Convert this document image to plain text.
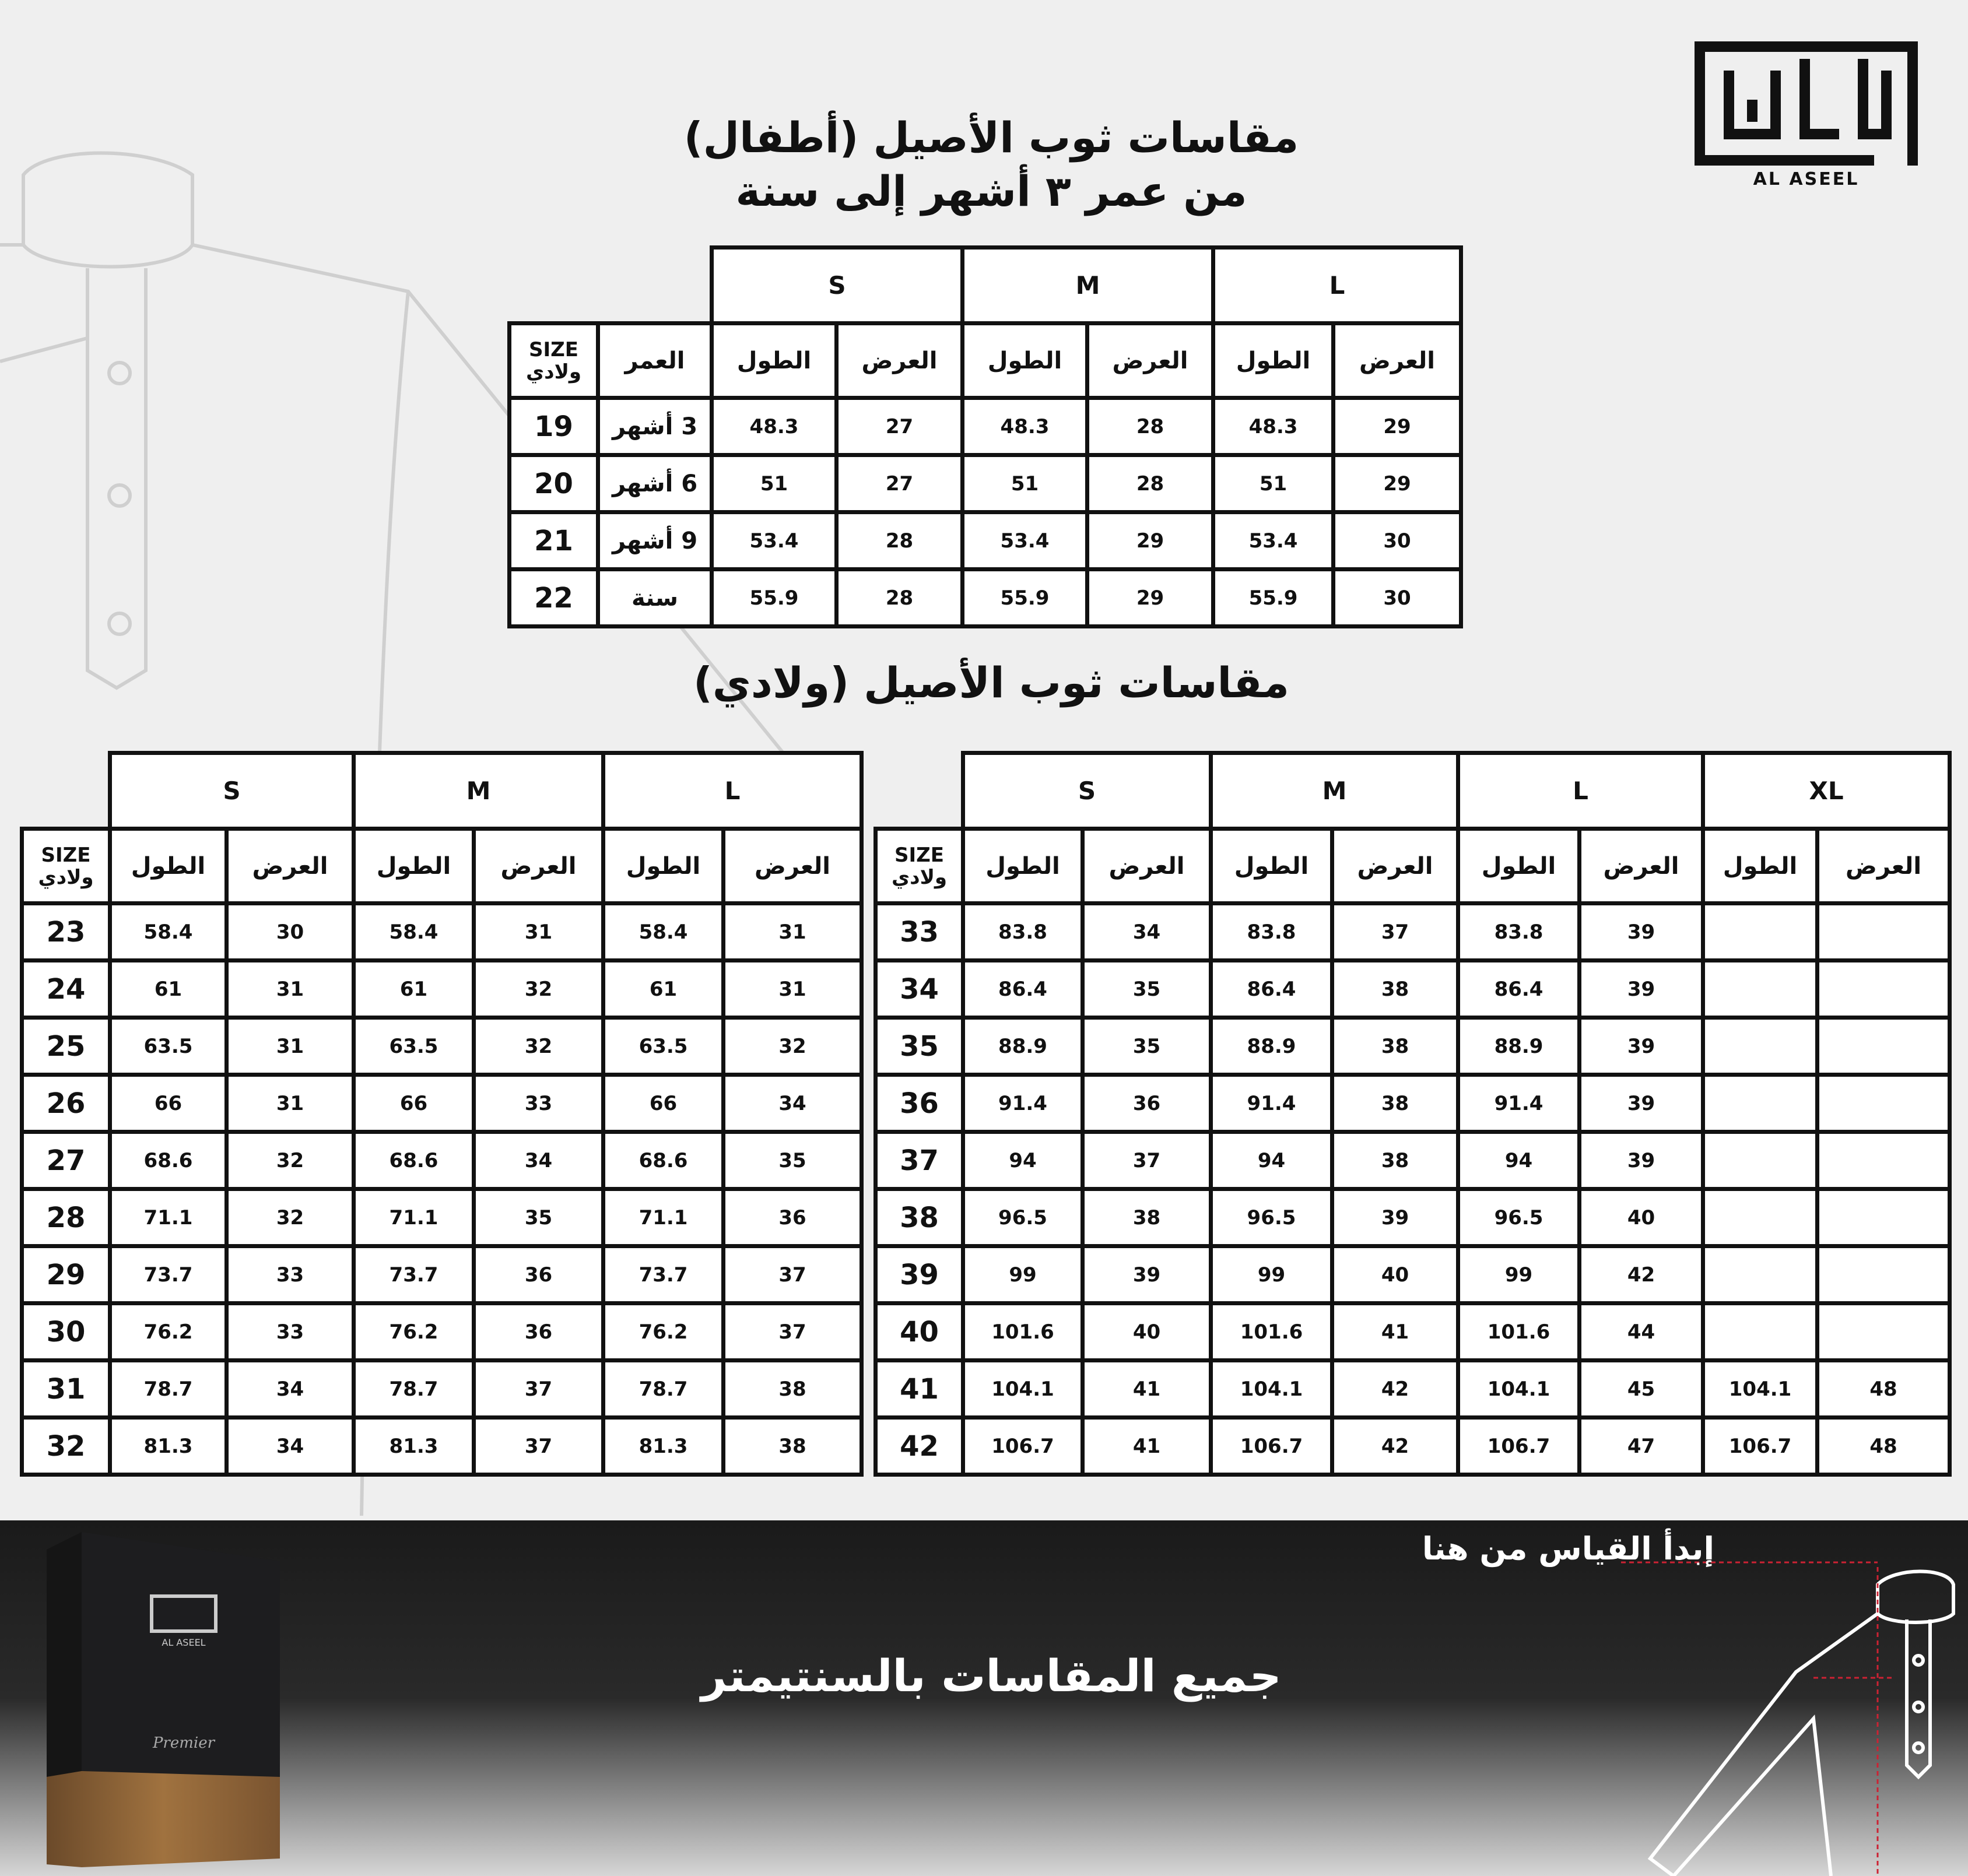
AL ASEEL
مقاسات ثوب الأصيل (أطفال)
من عمر ٣ أشهر إلى سنة
		S		M		L	

SIZE
ولادي	العمر	الطول	العرض	الطول	العرض	الطول	العرض
19	3 أشهر	48.3	27	48.3	28	48.3	29
20	6 أشهر	51	27	51	28	51	29
21	9 أشهر	53.4	28	53.4	29	53.4	30
22	سنة	55.9	28	55.9	29	55.9	30
مقاسات ثوب الأصيل (ولادي)
	S		M		L	

SIZE
ولادي	الطول	العرض	الطول	العرض	الطول	العرض
23	58.4	30	58.4	31	58.4	31
24	61	31	61	32	61	31
25	63.5	31	63.5	32	63.5	32
26	66	31	66	33	66	34
27	68.6	32	68.6	34	68.6	35
28	71.1	32	71.1	35	71.1	36
29	73.7	33	73.7	36	73.7	37
30	76.2	33	76.2	36	76.2	37
31	78.7	34	78.7	37	78.7	38
32	81.3	34	81.3	37	81.3	38
	S		M		L		XL	

SIZE
ولادي	الطول	العرض	الطول	العرض	الطول	العرض	الطول	العرض
33	83.8	34	83.8	37	83.8	39		
34	86.4	35	86.4	38	86.4	39		
35	88.9	35	88.9	38	88.9	39		
36	91.4	36	91.4	38	91.4	39		
37	94	37	94	38	94	39		
38	96.5	38	96.5	39	96.5	40		
39	99	39	99	40	99	42		
40	101.6	40	101.6	41	101.6	44		
41	104.1	41	104.1	42	104.1	45	104.1	48
42	106.7	41	106.7	42	106.7	47	106.7	48
AL ASEEL
Premier
إبدأ القياس من هنا
جميع المقاسات بالسنتيمتر
